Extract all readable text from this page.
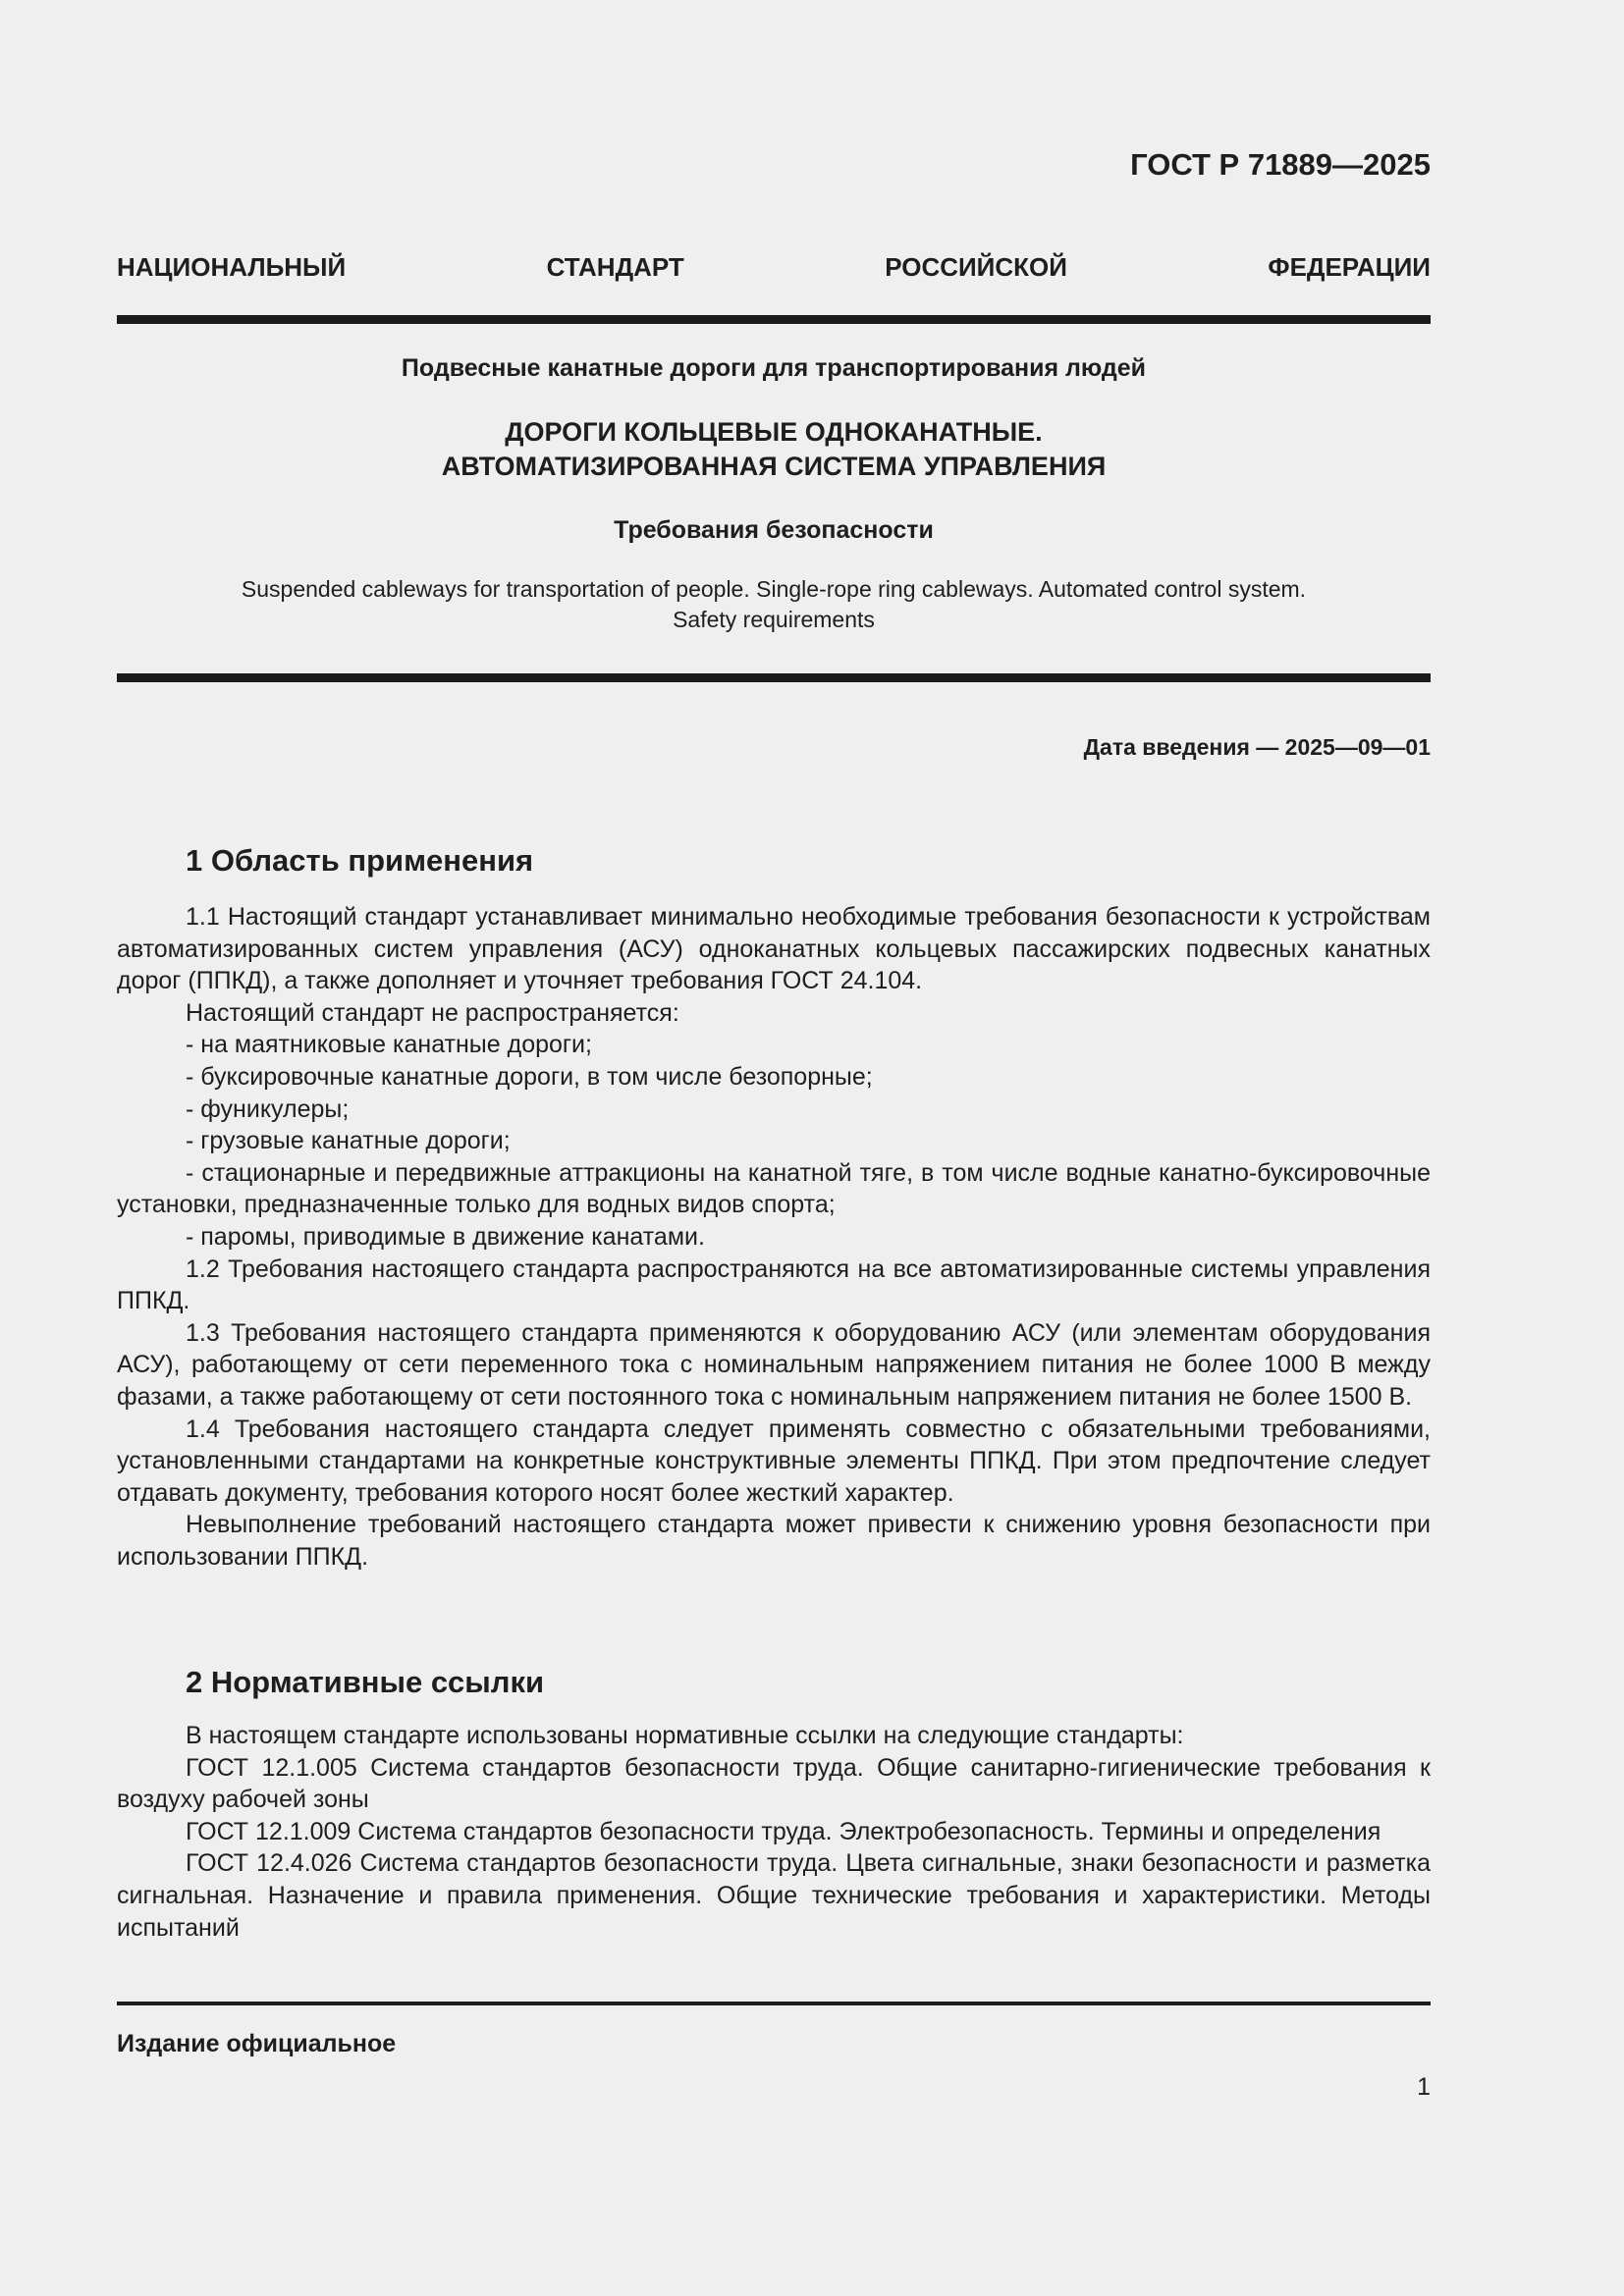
ГОСТ Р 71889—2025
НАЦИОНАЛЬНЫЙ СТАНДАРТ РОССИЙСКОЙ ФЕДЕРАЦИИ
Подвесные канатные дороги для транспортирования людей
ДОРОГИ КОЛЬЦЕВЫЕ ОДНОКАНАТНЫЕ.
АВТОМАТИЗИРОВАННАЯ СИСТЕМА УПРАВЛЕНИЯ
Требования безопасности
Suspended cableways for transportation of people. Single-rope ring cableways. Automated control system.
Safety requirements
Дата введения — 2025—09—01
1 Область применения

1.1 Настоящий стандарт устанавливает минимально необходимые требования безопасности к устройствам автоматизированных систем управления (АСУ) одноканатных кольцевых пассажирских подвесных канатных дорог (ППКД), а также дополняет и уточняет требования ГОСТ 24.104.

Настоящий стандарт не распространяется:

- на маятниковые канатные дороги;

- буксировочные канатные дороги, в том числе безопорные;

- фуникулеры;

- грузовые канатные дороги;

- стационарные и передвижные аттракционы на канатной тяге, в том числе водные канатно-буксировочные установки, предназначенные только для водных видов спорта;

- паромы, приводимые в движение канатами.

1.2 Требования настоящего стандарта распространяются на все автоматизированные системы управления ППКД.

1.3 Требования настоящего стандарта применяются к оборудованию АСУ (или элементам оборудования АСУ), работающему от сети переменного тока с номинальным напряжением питания не более 1000 В между фазами, а также работающему от сети постоянного тока с номинальным напряжением питания не более 1500 В.

1.4 Требования настоящего стандарта следует применять совместно с обязательными требованиями, установленными стандартами на конкретные конструктивные элементы ППКД. При этом предпочтение следует отдавать документу, требования которого носят более жесткий характер.

Невыполнение требований настоящего стандарта может привести к снижению уровня безопасности при использовании ППКД.

2 Нормативные ссылки

В настоящем стандарте использованы нормативные ссылки на следующие стандарты:

ГОСТ 12.1.005 Система стандартов безопасности труда. Общие санитарно-гигиенические требования к воздуху рабочей зоны

ГОСТ 12.1.009 Система стандартов безопасности труда. Электробезопасность. Термины и определения

ГОСТ 12.4.026 Система стандартов безопасности труда. Цвета сигнальные, знаки безопасности и разметка сигнальная. Назначение и правила применения. Общие технические требования и характеристики. Методы испытаний

Издание официальное
1
